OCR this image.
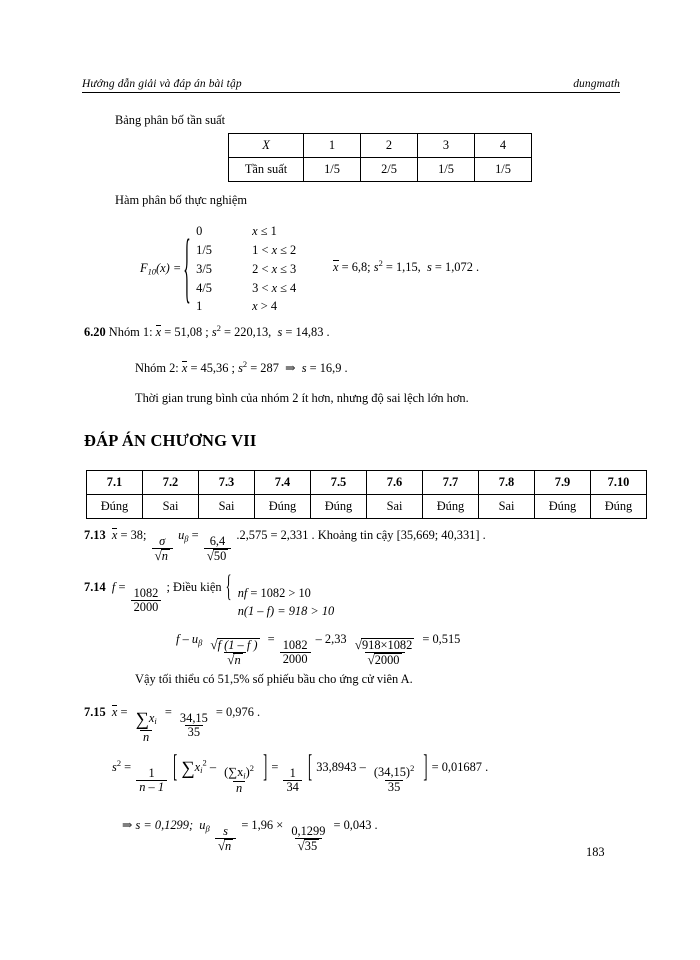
Hướng dẫn giải và đáp án bài tập	dungmath
Bảng phân bố tần suất
X	1	2	3	4
Tần suất	1/5	2/5	1/5	1/5
Hàm phân bố thực nghiệm
$F_{10}(x)$ = { 0	x ≤ 1
1/5	1 < x ≤ 2
3/5	2 < x ≤ 3
4/5	3 < x ≤ 4
1	x > 4
x = 6,8; $s^2 = 1,15$, s = 1,072 .
6.20 Nhóm 1: x = 51,08 ; $s^2 = 220,13$, s = 14,83 .
Nhóm 2: x = 45,36 ; $s^2 = 287$ ⇒ s = 16,9 .
Thời gian trung bình của nhóm 2 ít hơn, nhưng độ sai lệch lớn hơn.
ĐÁP ÁN CHƯƠNG VII
7.1	7.2	7.3	7.4	7.5	7.6	7.7	7.8	7.9	7.10
Đúng	Sai	Sai	Đúng	Đúng	Sai	Đúng	Sai	Đúng	Đúng
7.13 x = 38; $\frac{\sigma}{√n} u_\beta = \frac{6,4}{√50} .2,575 = 2,331$ . Khoảng tin cậy [35,669; 40,331] .
7.14 $f = \frac{1082}{2000}$ ; Điều kiện { nf = 1082 > 10
n(1 – f) = 918 > 10
$f - u_\beta \frac{√f (1 - f )}{√n} = \frac{1082}{2000} - 2,33 \frac{√918\times 1082}{√2000} = 0,515$
Vậy tối thiểu có 51,5% số phiếu bầu cho ứng cử viên A.
7.15 $x = \frac{\sum x_i}{n} = \frac{34,15}{35} = 0,976$ .
$s^2 = \frac{1}{n - 1}$ [ $\sum x_i^2 - \frac{(\sum x_i)^2}{n}$ ] = $\frac{1}{34}$ [ $33,8943 - \frac{(34,15)^2}{35}$ ] = 0,01687 .
⇒ s = 0,1299; $u_\beta \frac{s}{√n} = 1,96 \times \frac{0,1299}{√35} = 0,043$ .
183
